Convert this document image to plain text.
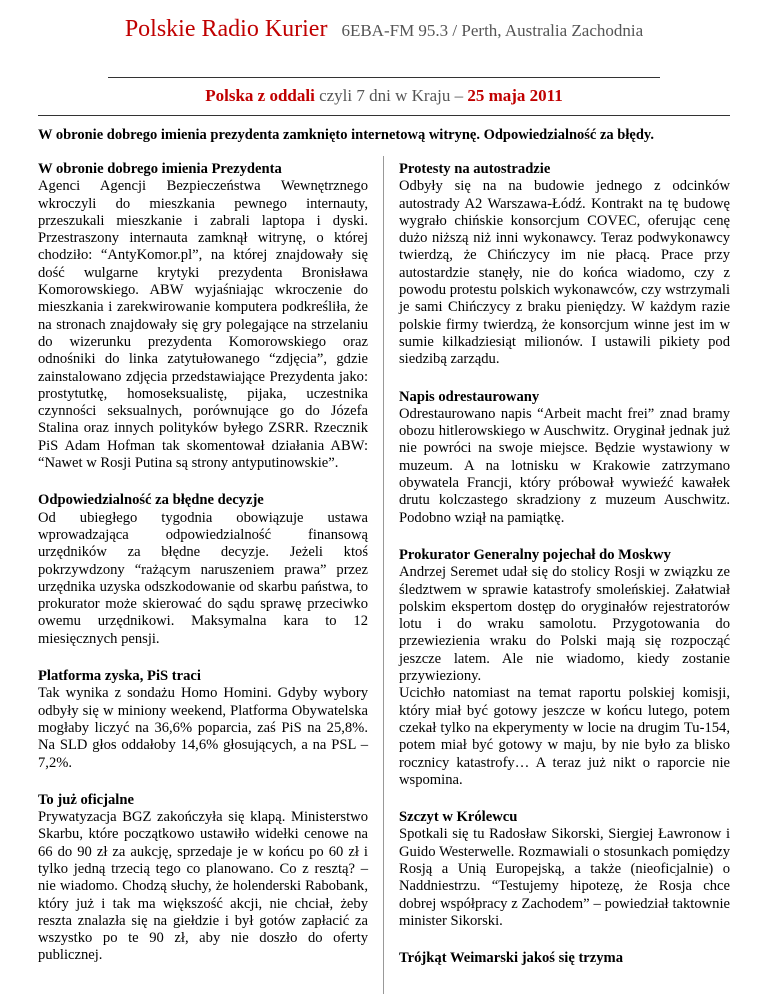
Polskie Radio Kurier 6EBA-FM 95.3 / Perth, Australia Zachodnia
Polska z oddali czyli 7 dni w Kraju – 25 maja 2011
W obronie dobrego imienia prezydenta zamknięto internetową witrynę. Odpowiedzialność za błędy.
W obronie dobrego imienia Prezydenta

Agenci Agencji Bezpieczeństwa Wewnętrznego wkroczyli do mieszkania pewnego internauty, przeszukali mieszkanie i zabrali laptopa i dyski. Przestraszony internauta zamknął witrynę, o której chodziło: “AntyKomor.pl”, na której znajdowały się dość wulgarne krytyki prezydenta Bronisława Komorowskiego. ABW wyjaśniając wkroczenie do mieszkania i zarekwirowanie komputera podkreśliła, że na stronach znajdowały się gry polegające na strzelaniu do wizerunku prezydenta Komorowskiego oraz odnośniki do linka zatytułowanego “zdjęcia”, gdzie zainstalowano zdjęcia przedstawiające Prezydenta jako: prostytutkę, homoseksualistę, pijaka, uczestnika czynności seksualnych, porównujące go do Józefa Stalina oraz innych polityków byłego ZSRR. Rzecznik PiS Adam Hofman tak skomentował działania ABW: “Nawet w Rosji Putina są strony antyputinowskie”.

Odpowiedzialność za błędne decyzje

Od ubiegłego tygodnia obowiązuje ustawa wprowadzająca odpowiedzialność finansową urzędników za błędne decyzje. Jeżeli ktoś pokrzywdzony “rażącym naruszeniem prawa” przez urzędnika uzyska odszkodowanie od skarbu państwa, to prokurator może skierować do sądu sprawę przeciwko owemu urzędnikowi. Maksymalna kara to 12 miesięcznych pensji.

Platforma zyska, PiS traci

Tak wynika z sondażu Homo Homini. Gdyby wybory odbyły się w miniony weekend, Platforma Obywatelska mogłaby liczyć na 36,6% poparcia, zaś PiS na 25,8%. Na SLD głos oddałoby 14,6% głosujących, a na PSL – 7,2%.

To już oficjalne

Prywatyzacja BGZ zakończyła się klapą. Ministerstwo Skarbu, które początkowo ustawiło widełki cenowe na 66 do 90 zł za aukcję, sprzedaje je w końcu po 60 zł i tylko jedną trzecią tego co planowano. Co z resztą? – nie wiadomo. Chodzą słuchy, że holenderski Rabobank, który już i tak ma większość akcji, nie chciał, żeby reszta znalazła się na giełdzie i był gotów zapłacić za wszystko po te 90 zł, aby nie doszło do oferty publicznej.

Protesty na autostradzie

Odbyły się na na budowie jednego z odcinków autostrady A2 Warszawa-Łódź. Kontrakt na tę budowę wygrało chińskie konsorcjum COVEC, oferując cenę dużo niższą niż inni wykonawcy. Teraz podwykonawcy twierdzą, że Chińczycy im nie płacą. Prace przy autostardzie stanęły, nie do końca wiadomo, czy z powodu protestu polskich wykonawców, czy wstrzymali je sami Chińczycy z braku pieniędzy. W każdym razie polskie firmy twierdzą, że konsorcjum winne jest im w sumie kilkadziesiąt milionów. I ustawili pikiety pod siedzibą zarządu.

Napis odrestaurowany

Odrestaurowano napis “Arbeit macht frei” znad bramy obozu hitlerowskiego w Auschwitz. Oryginał jednak już nie powróci na swoje miejsce. Będzie wystawiony w muzeum. A na lotnisku w Krakowie zatrzymano obywatela Francji, który próbował wywieźć kawałek drutu kolczastego skradziony z muzeum Auschwitz. Podobno wziął na pamiątkę.

Prokurator Generalny pojechał do Moskwy

Andrzej Seremet udał się do stolicy Rosji w związku ze śledztwem w sprawie katastrofy smoleńskiej. Załatwiał polskim ekspertom dostęp do oryginałów rejestratorów lotu i do wraku samolotu. Przygotowania do przewiezienia wraku do Polski mają się rozpocząć jeszcze latem. Ale nie wiadomo, kiedy zostanie przywieziony.

Ucichło natomiast na temat raportu polskiej komisji, który miał być gotowy jeszcze w końcu lutego, potem czekał tylko na ekperymenty w locie na drugim Tu-154, potem miał być gotowy w maju, by nie było za blisko rocznicy katastrofy… A teraz już nikt o raporcie nie wspomina.

Szczyt w Królewcu

Spotkali się tu Radosław Sikorski, Siergiej Ławronow i Guido Westerwelle. Rozmawiali o stosunkach pomiędzy Rosją a Unią Europejską, a także (nieoficjalnie) o Naddniestrzu. “Testujemy hipotezę, że Rosja chce dobrej współpracy z Zachodem” – powiedział taktownie minister Sikorski.

Trójkąt Weimarski jakoś się trzyma
